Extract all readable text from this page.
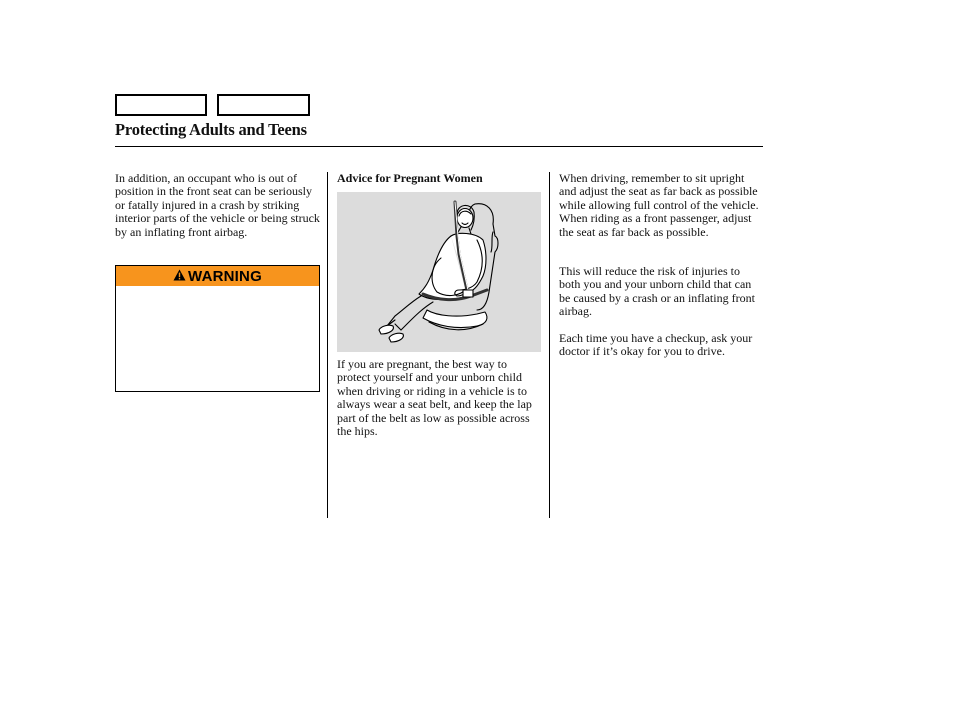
Protecting Adults and Teens

In addition, an occupant who is out of position in the front seat can be seriously or fatally injured in a crash by striking interior parts of the vehicle or being struck by an inflating front airbag.

WARNING
Advice for Pregnant Women

If you are pregnant, the best way to protect yourself and your unborn child when driving or riding in a vehicle is to always wear a seat belt, and keep the lap part of the belt as low as possible across the hips.

When driving, remember to sit upright and adjust the seat as far back as possible while allowing full control of the vehicle. When riding as a front passenger, adjust the seat as far back as possible.

This will reduce the risk of injuries to both you and your unborn child that can be caused by a crash or an inflating front airbag.

Each time you have a checkup, ask your doctor if it’s okay for you to drive.
